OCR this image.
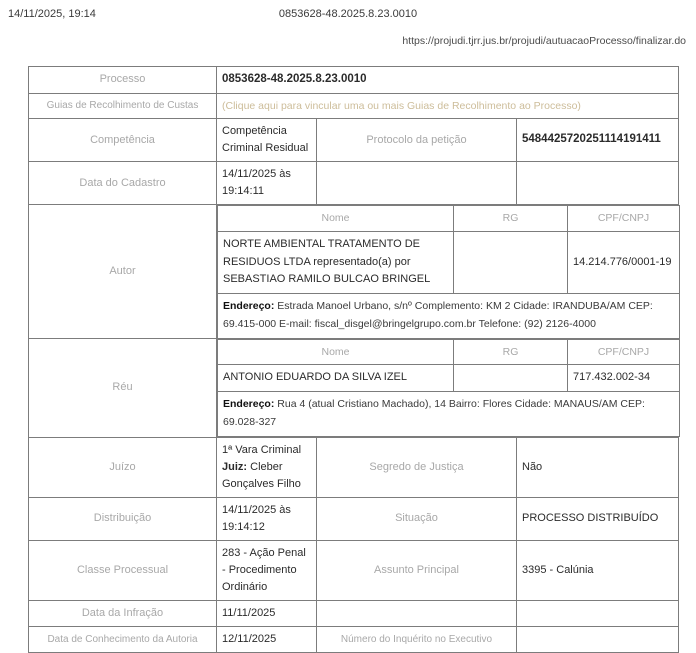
14/11/2025, 19:14	0853628-48.2025.8.23.0010
https://projudi.tjrr.jus.br/projudi/autuacaoProcesso/finalizar.do
Processo	0853628-48.2025.8.23.0010
Guias de Recolhimento de Custas	(Clique aqui para vincular uma ou mais Guias de Recolhimento ao Processo)
Competência	Competência Criminal Residual	Protocolo da petição	5484425720251114191411
Data do Cadastro	14/11/2025 às 19:14:11		
Autor	
Nome	RG	CPF/CNPJ
NORTE AMBIENTAL TRATAMENTO DE RESIDUOS LTDA representado(a) por SEBASTIAO RAMILO BULCAO BRINGEL		14.214.776/0001-19
Endereço: Estrada Manoel Urbano, s/nº Complemento: KM 2 Cidade: IRANDUBA/AM CEP: 69.415-000 E-mail: fiscal_disgel@bringelgrupo.com.br Telefone: (92) 2126-4000

Réu	
Nome	RG	CPF/CNPJ
ANTONIO EDUARDO DA SILVA IZEL		717.432.002-34
Endereço: Rua 4 (atual Cristiano Machado), 14 Bairro: Flores Cidade: MANAUS/AM CEP: 69.028-327

Juízo	1ª Vara Criminal Juiz: Cleber Gonçalves Filho	Segredo de Justiça	Não
Distribuição	14/11/2025 às 19:14:12	Situação	PROCESSO DISTRIBUÍDO
Classe Processual	283 - Ação Penal - Procedimento Ordinário	Assunto Principal	3395 - Calúnia
Data da Infração	11/11/2025		
Data de Conhecimento da Autoria	12/11/2025	Número do Inquérito no Executivo	
